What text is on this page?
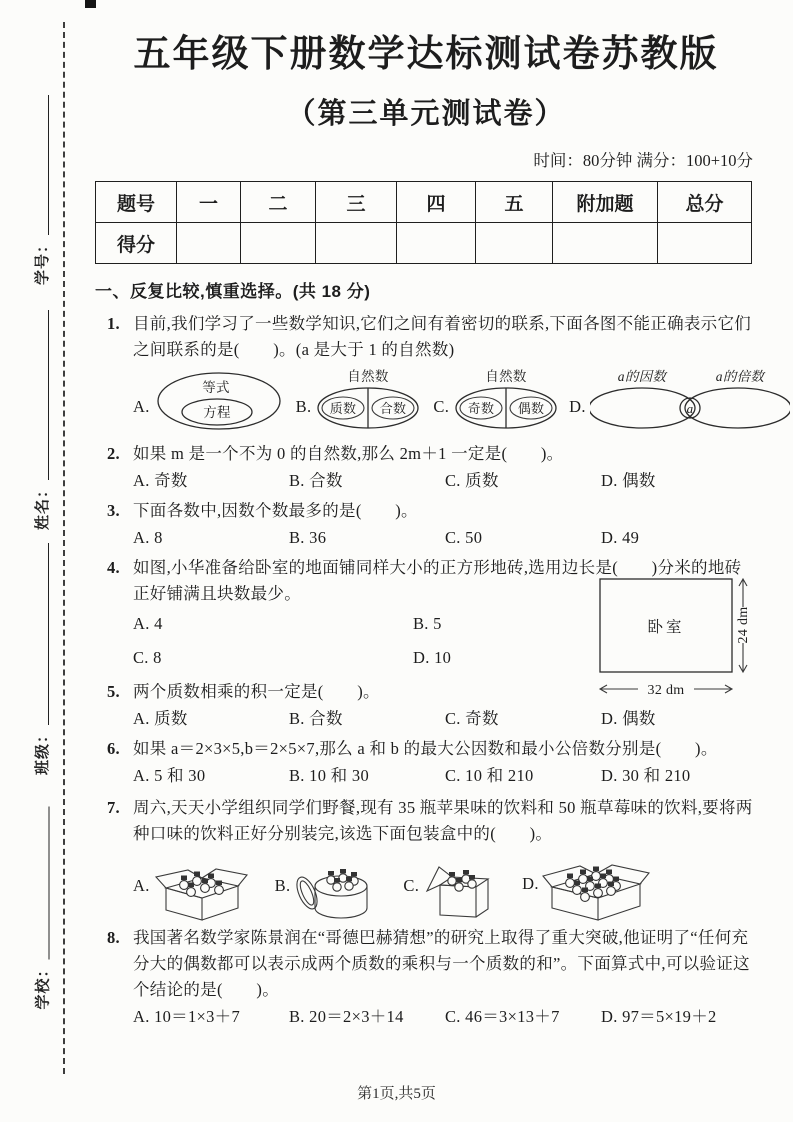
学号：
姓名：
班级：
学校：
五年级下册数学达标测试卷苏教版
（第三单元测试卷）
时间：80分钟 满分：100+10分
题号	一	二	三	四	五	附加题	总分
得分							
一、反复比较,慎重选择。(共 18 分)
1. 目前,我们学习了一些数学知识,它们之间有着密切的联系,下面各图不能正确表示它们之间联系的是(　　)。(a 是大于 1 的自然数)
A.
等式
方程	B.
自然数
质数 合数 C.
自然数
奇数 偶数 D.
a的因数	a的倍数
a
2. 如果 m 是一个不为 0 的自然数,那么 2m＋1 一定是(　　)。
A. 奇数	B. 合数	C. 质数	D. 偶数
3. 下面各数中,因数个数最多的是(　　)。
A. 8	B. 36	C. 50	D. 49
4. 如图,小华准备给卧室的地面铺同样大小的正方形地砖,选用边长是(　　)分米的地砖正好铺满且块数最少。
A. 4	B. 5
C. 8	D. 10
卧室	24 dm
32 dm
5. 两个质数相乘的积一定是(　　)。
A. 质数	B. 合数	C. 奇数	D. 偶数
6. 如果 a＝2×3×5,b＝2×5×7,那么 a 和 b 的最大公因数和最小公倍数分别是(　　)。
A. 5 和 30	B. 10 和 30	C. 10 和 210	D. 30 和 210
7. 周六,天天小学组织同学们野餐,现有 35 瓶苹果味的饮料和 50 瓶草莓味的饮料,要将两种口味的饮料正好分别装完,该选下面包装盒中的(　　)。
A.	B.	C.	D.
8. 我国著名数学家陈景润在“哥德巴赫猜想”的研究上取得了重大突破,他证明了“任何充分大的偶数都可以表示成两个质数的乘积与一个质数的和”。下面算式中,可以验证这个结论的是(　　)。
A. 10＝1×3＋7	B. 20＝2×3＋14	C. 46＝3×13＋7	D. 97＝5×19＋2
第1页,共5页
